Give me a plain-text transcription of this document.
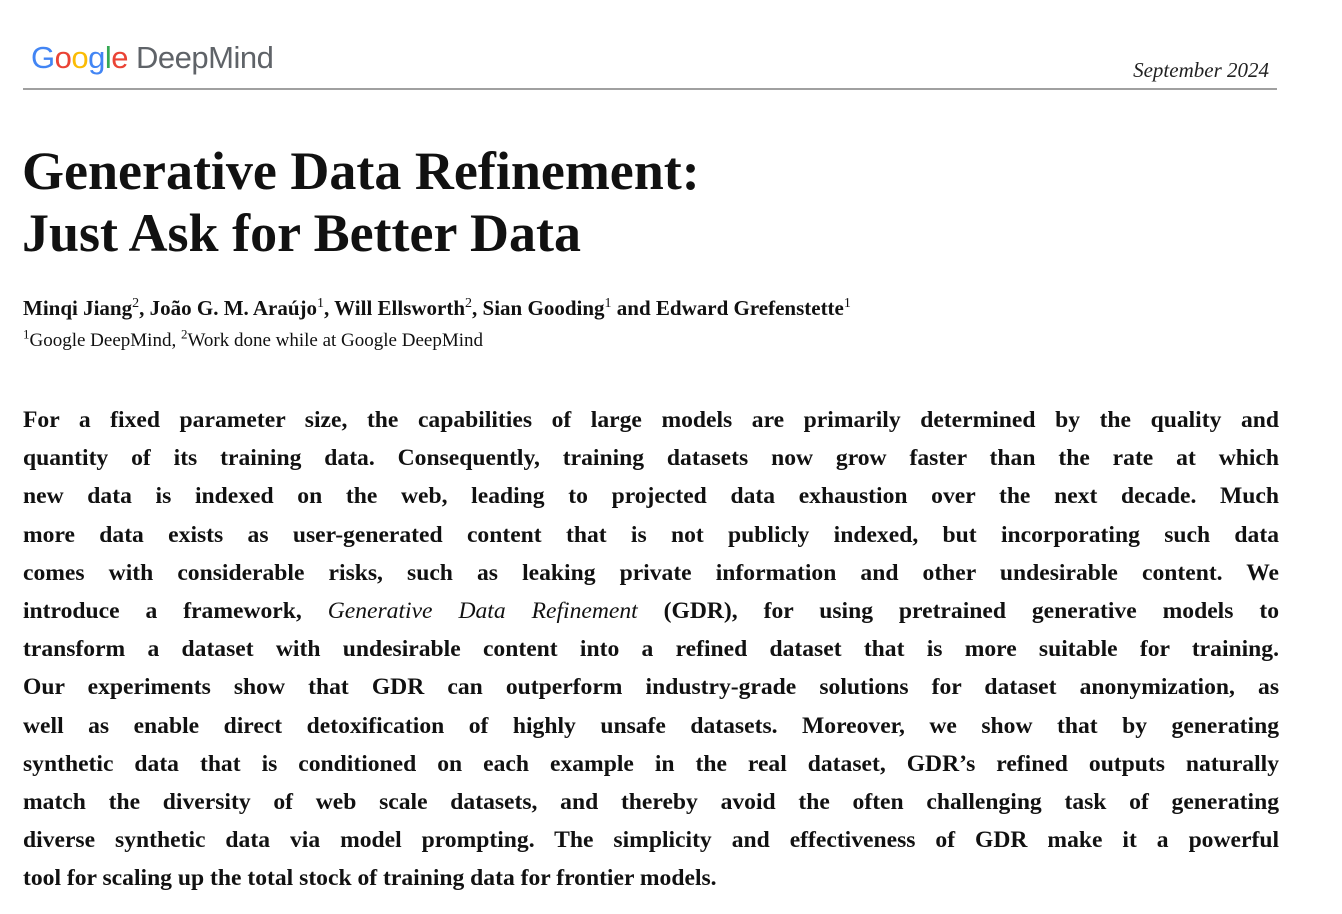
Google DeepMind	September 2024
Generative Data Refinement:
Just Ask for Better Data
Minqi Jiang$^2$, João G. M. Araújo$^1$, Will Ellsworth$^2$, Sian Gooding$^1$ and Edward Grefenstette$^1$
$^1$Google DeepMind, $^2$Work done while at Google DeepMind
For a fixed parameter size, the capabilities of large models are primarily determined by the quality and
quantity of its training data. Consequently, training datasets now grow faster than the rate at which
new data is indexed on the web, leading to projected data exhaustion over the next decade. Much
more data exists as user-generated content that is not publicly indexed, but incorporating such data
comes with considerable risks, such as leaking private information and other undesirable content. We
introduce a framework, Generative Data Refinement (GDR), for using pretrained generative models to
transform a dataset with undesirable content into a refined dataset that is more suitable for training.
Our experiments show that GDR can outperform industry-grade solutions for dataset anonymization, as
well as enable direct detoxification of highly unsafe datasets. Moreover, we show that by generating
synthetic data that is conditioned on each example in the real dataset, GDR’s refined outputs naturally
match the diversity of web scale datasets, and thereby avoid the often challenging task of generating
diverse synthetic data via model prompting. The simplicity and effectiveness of GDR make it a powerful
tool for scaling up the total stock of training data for frontier models.
